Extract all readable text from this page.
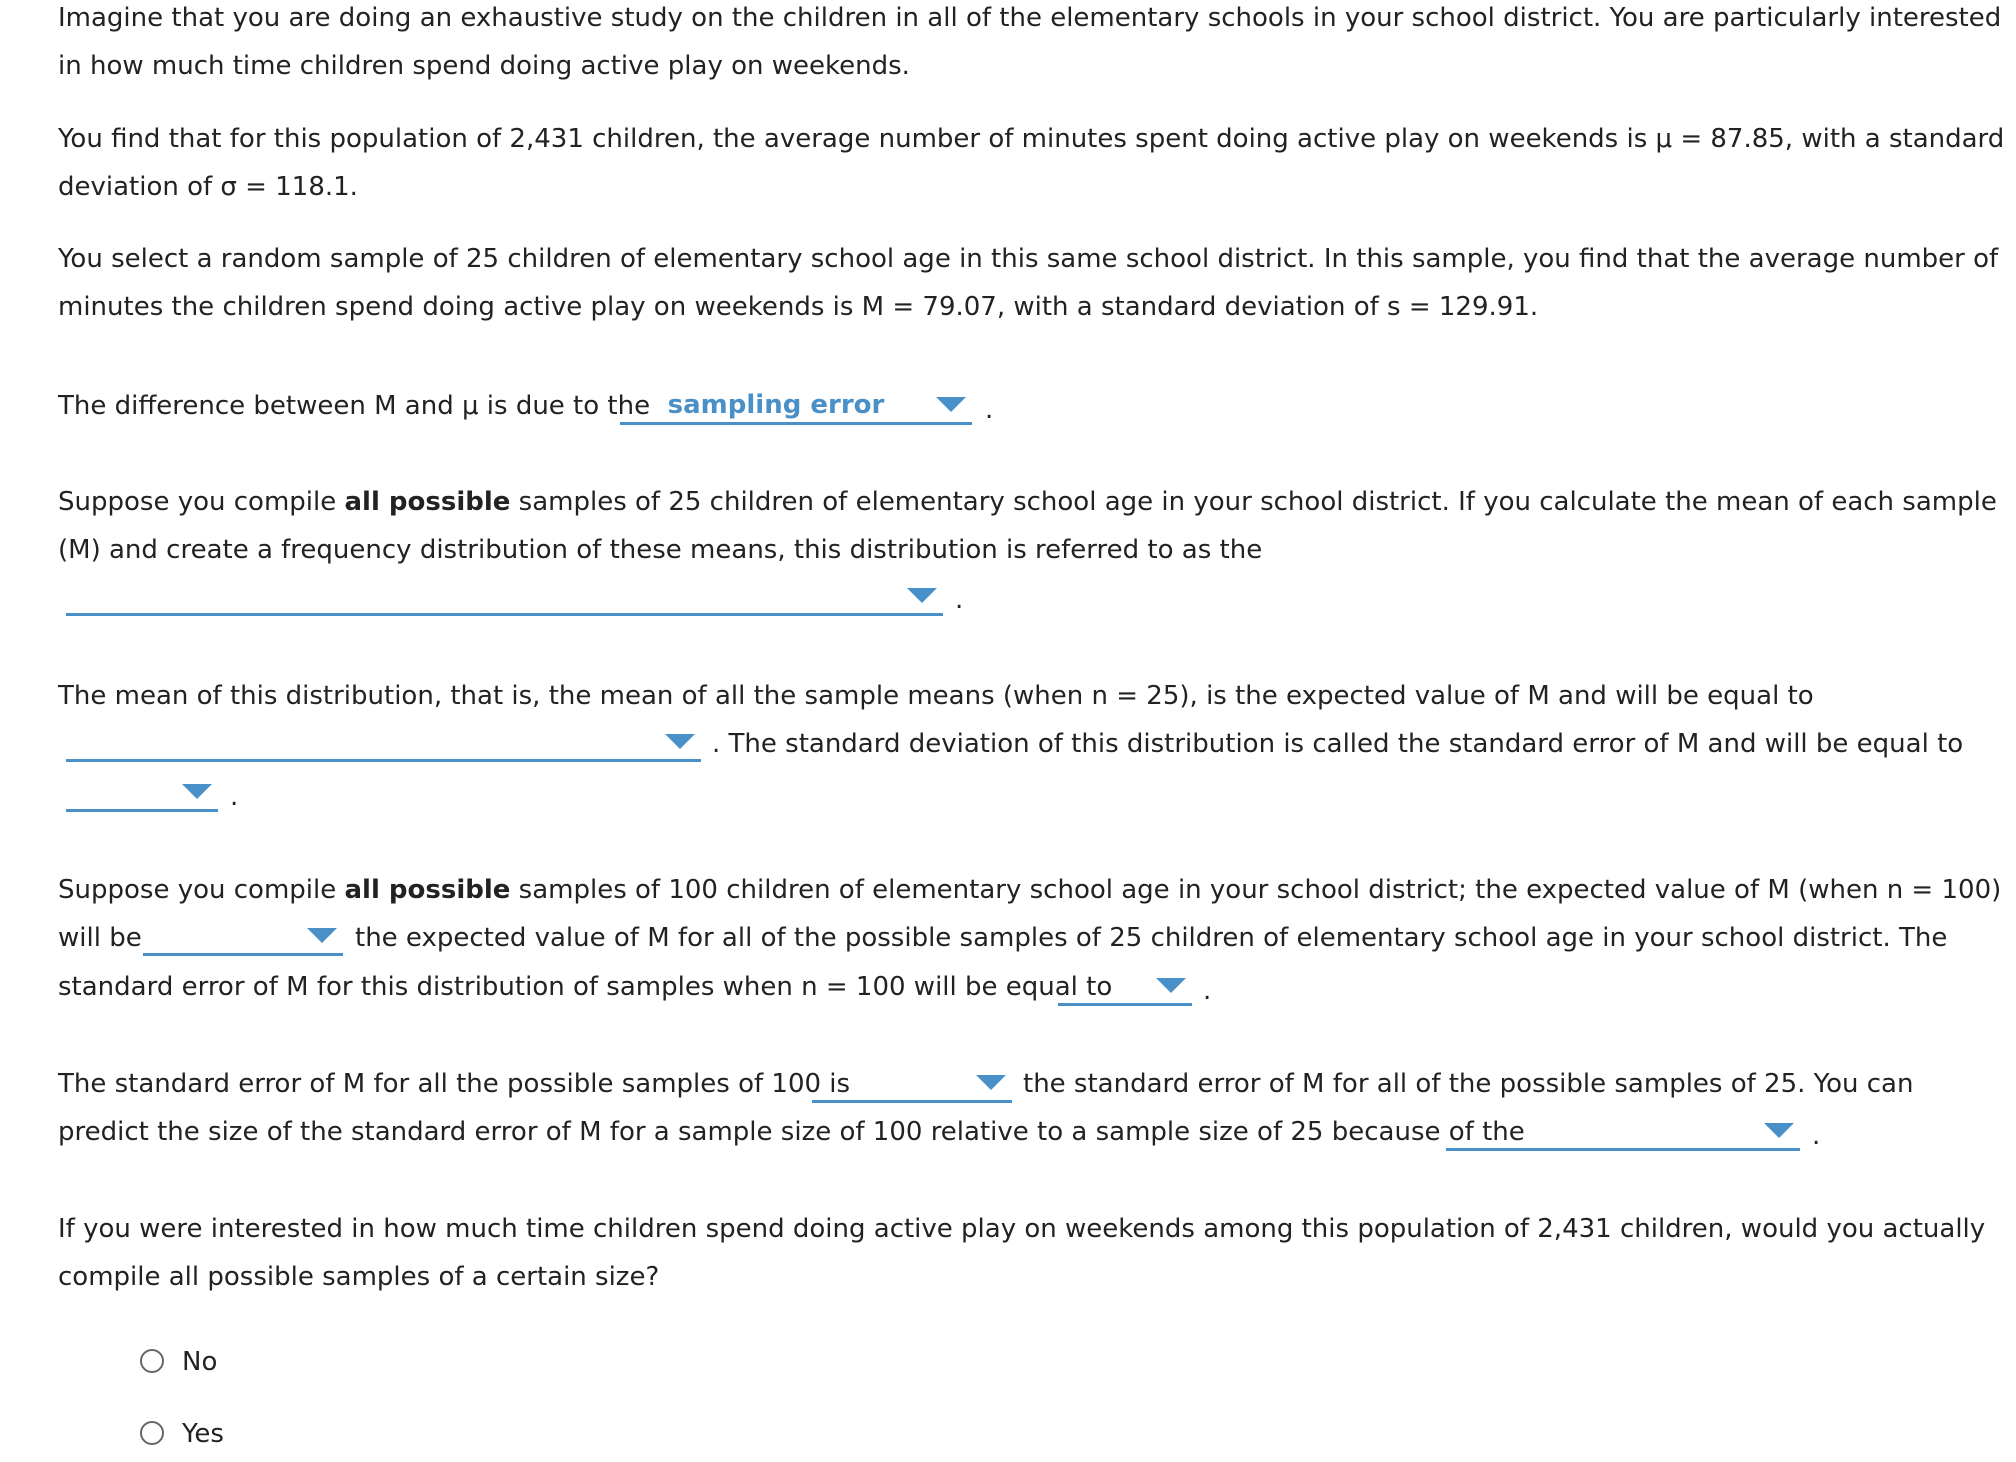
Imagine that you are doing an exhaustive study on the children in all of the elementary schools in your school district. You are particularly interested
in how much time children spend doing active play on weekends.
You find that for this population of 2,431 children, the average number of minutes spent doing active play on weekends is μ = 87.85, with a standard
deviation of σ = 118.1.
You select a random sample of 25 children of elementary school age in this same school district. In this sample, you find that the average number of
minutes the children spend doing active play on weekends is M = 79.07, with a standard deviation of s = 129.91.
The difference between M and μ is due to the sampling error	.
Suppose you compile all possible samples of 25 children of elementary school age in your school district. If you calculate the mean of each sample
(M) and create a frequency distribution of these means, this distribution is referred to as the
.
The mean of this distribution, that is, the mean of all the sample means (when n = 25), is the expected value of M and will be equal to
. The standard deviation of this distribution is called the standard error of M and will be equal to
.
Suppose you compile all possible samples of 100 children of elementary school age in your school district; the expected value of M (when n = 100)
will be	the expected value of M for all of the possible samples of 25 children of elementary school age in your school district. The
standard error of M for this distribution of samples when n = 100 will be equal to	.
The standard error of M for all the possible samples of 100 is	the standard error of M for all of the possible samples of 25. You can
predict the size of the standard error of M for a sample size of 100 relative to a sample size of 25 because of the	.
If you were interested in how much time children spend doing active play on weekends among this population of 2,431 children, would you actually
compile all possible samples of a certain size?
No
Yes
